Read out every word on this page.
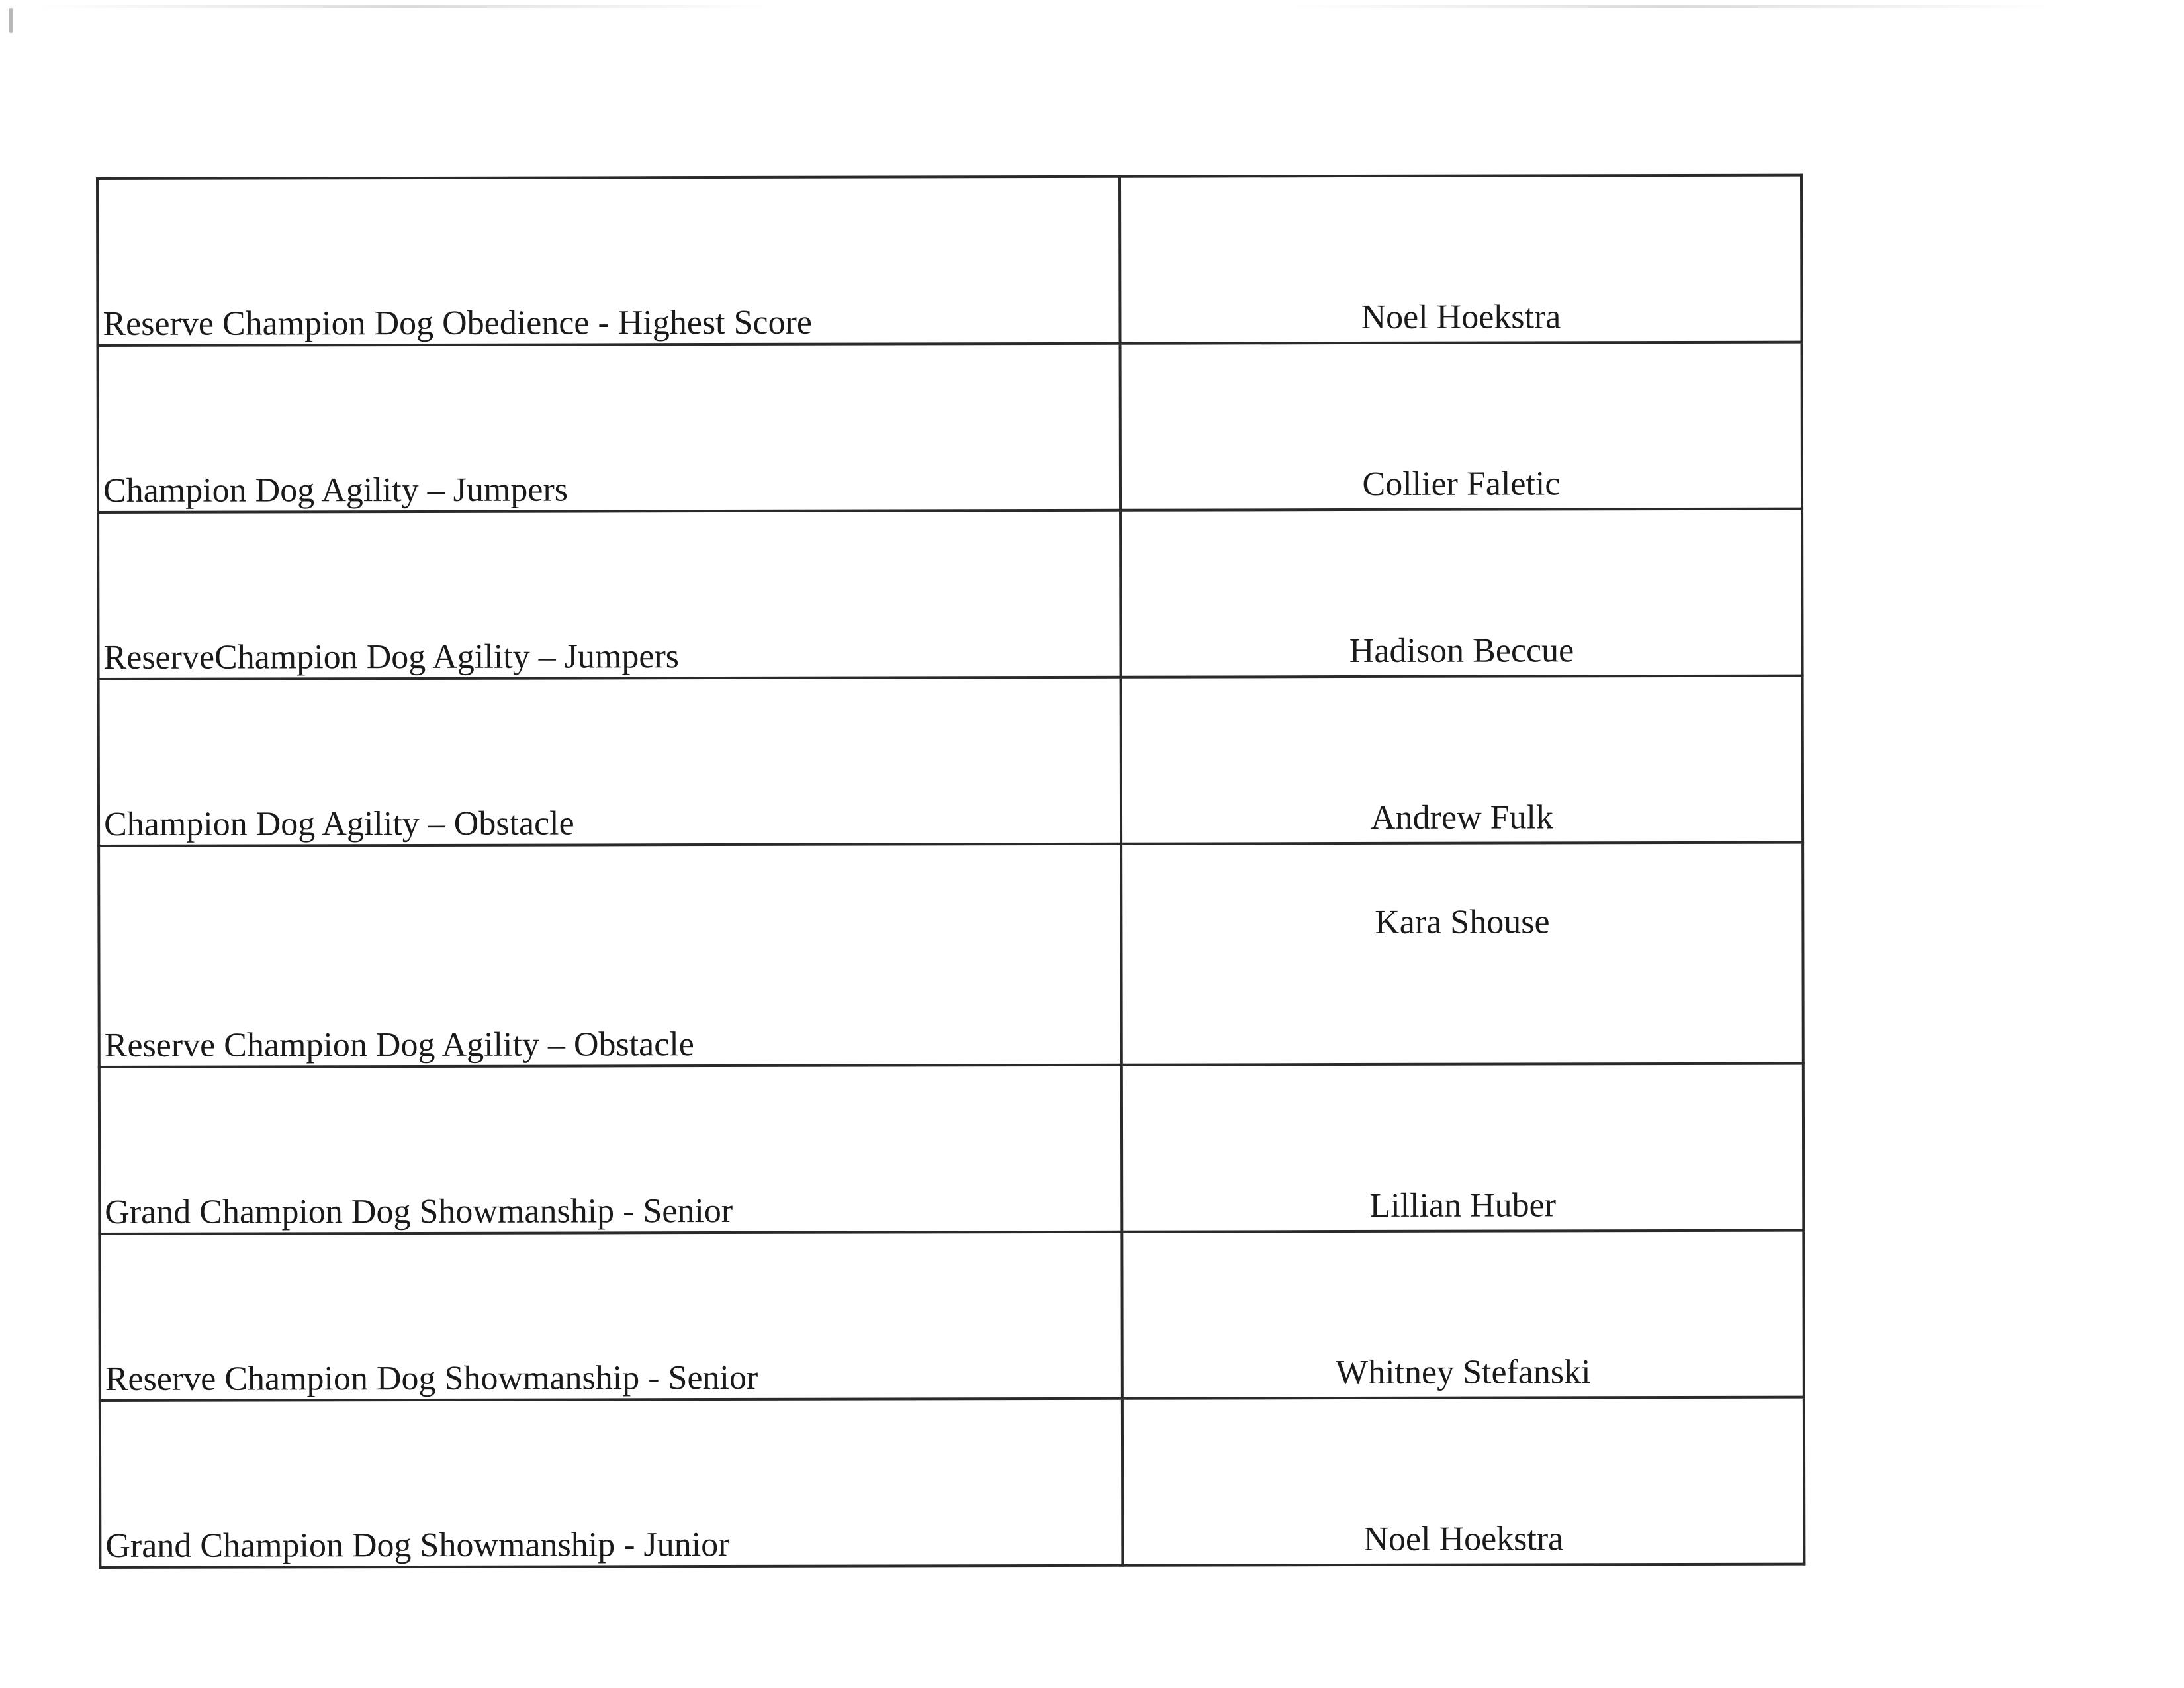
Reserve Champion Dog Obedience - Highest Score	Noel Hoekstra
Champion Dog Agility – Jumpers	Collier Faletic
ReserveChampion Dog Agility – Jumpers	Hadison Beccue
Champion Dog Agility – Obstacle	Andrew Fulk
Reserve Champion Dog Agility – Obstacle	Kara Shouse
Grand Champion Dog Showmanship - Senior	Lillian Huber
Reserve Champion Dog Showmanship - Senior	Whitney Stefanski
Grand Champion Dog Showmanship - Junior	Noel Hoekstra
